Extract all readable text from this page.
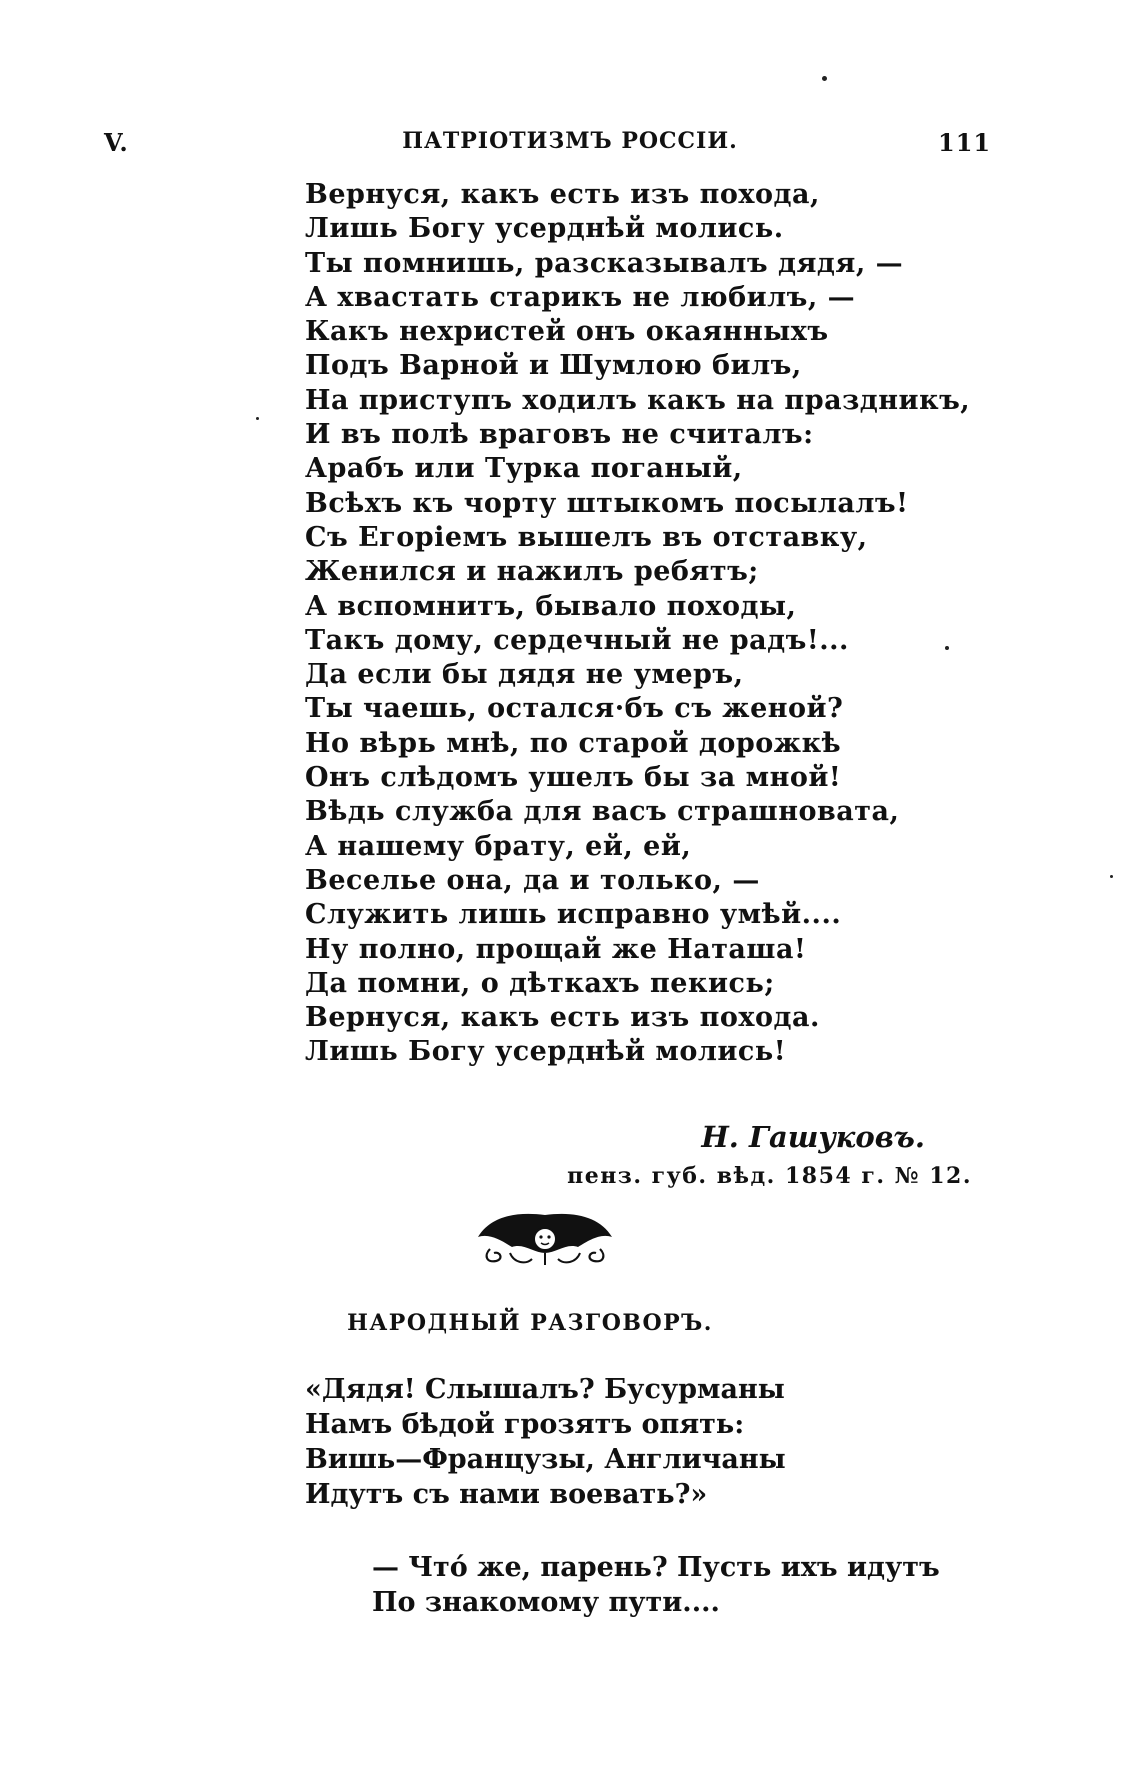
V.	ПАТРІОТИЗМЪ РОССІИ.	111
Вернуся, какъ есть изъ похода,
Лишь Богу усерднѣй молись.
Ты помнишь, разсказывалъ дядя, —
А хвастать старикъ не любилъ, —
Какъ нехристей онъ окаянныхъ
Подъ Варной и Шумлою билъ,
На приступъ ходилъ какъ на праздникъ,
И въ полѣ враговъ не считалъ:
Арабъ или Турка поганый,
Всѣхъ къ чорту штыкомъ посылалъ!
Съ Егоріемъ вышелъ въ отставку,
Женился и нажилъ ребятъ;
А вспомнитъ, бывало походы,
Такъ дому, сердечный не радъ!...
Да если бы дядя не умеръ,
Ты чаешь, остался·бъ съ женой?
Но вѣрь мнѣ, по старой дорожкѣ
Онъ слѣдомъ ушелъ бы за мной!
Вѣдь служба для васъ страшновата,
А нашему брату, ей, ей,
Веселье она, да и только, —
Служить лишь исправно умѣй....
Ну полно, прощай же Наташа!
Да помни, о дѣткахъ пекись;
Вернуся, какъ есть изъ похода.
Лишь Богу усерднѣй молись!
Н. Гашуковъ.
пенз. губ. вѣд. 1854 г. № 12.
НАРОДНЫЙ РАЗГОВОРЪ.
«Дядя! Слышалъ? Бусурманы
Намъ бѣдой грозятъ опять:
Вишь—Французы, Англичаны
Идутъ съ нами воевать?»
— Чтó же, парень? Пусть ихъ идутъ
По знакомому пути....
